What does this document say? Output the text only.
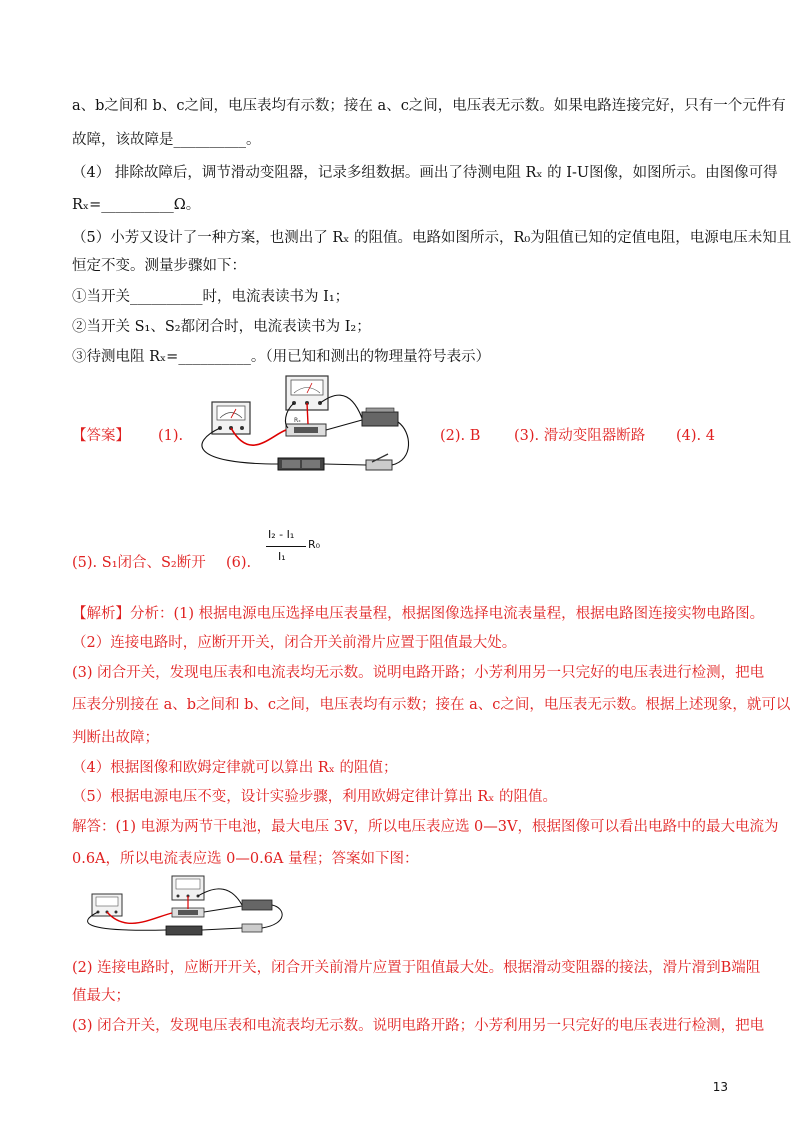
a、b之间和 b、c之间，电压表均有示数；接在 a、c之间，电压表无示数。如果电路连接完好，只有一个元件有
故障，该故障是__________。
（4） 排除故障后，调节滑动变阻器，记录多组数据。画出了待测电阻 Rₓ 的 I-U图像，如图所示。由图像可得
Rₓ=__________Ω。
（5）小芳又设计了一种方案，也测出了 Rₓ 的阻值。电路如图所示，R₀为阻值已知的定值电阻，电源电压未知且
恒定不变。测量步骤如下：
①当开关__________时，电流表读书为 I₁；
②当开关 S₁、S₂都闭合时，电流表读书为 I₂；
③待测电阻 Rₓ=__________。（用已知和测出的物理量符号表示）
【答案】 (1).
Rₓ
(2). B (3). 滑动变阻器断路 (4). 4
(5). S₁闭合、S₂断开 (6).
I₂ - I₁
I₁
R₀
【解析】分析：(1) 根据电源电压选择电压表量程，根据图像选择电流表量程，根据电路图连接实物电路图。
（2）连接电路时，应断开开关，闭合开关前滑片应置于阻值最大处。
(3) 闭合开关，发现电压表和电流表均无示数。说明电路开路；小芳利用另一只完好的电压表进行检测，把电
压表分别接在 a、b之间和 b、c之间，电压表均有示数；接在 a、c之间，电压表无示数。根据上述现象，就可以
判断出故障；
（4）根据图像和欧姆定律就可以算出 Rₓ 的阻值；
（5）根据电源电压不变，设计实验步骤，利用欧姆定律计算出 Rₓ 的阻值。
解答：(1) 电源为两节干电池，最大电压 3V，所以电压表应选 0—3V，根据图像可以看出电路中的最大电流为
0.6A，所以电流表应选 0—0.6A 量程；答案如下图：
(2) 连接电路时，应断开开关，闭合开关前滑片应置于阻值最大处。根据滑动变阻器的接法，滑片滑到B端阻
值最大；
(3) 闭合开关，发现电压表和电流表均无示数。说明电路开路；小芳利用另一只完好的电压表进行检测，把电
13
